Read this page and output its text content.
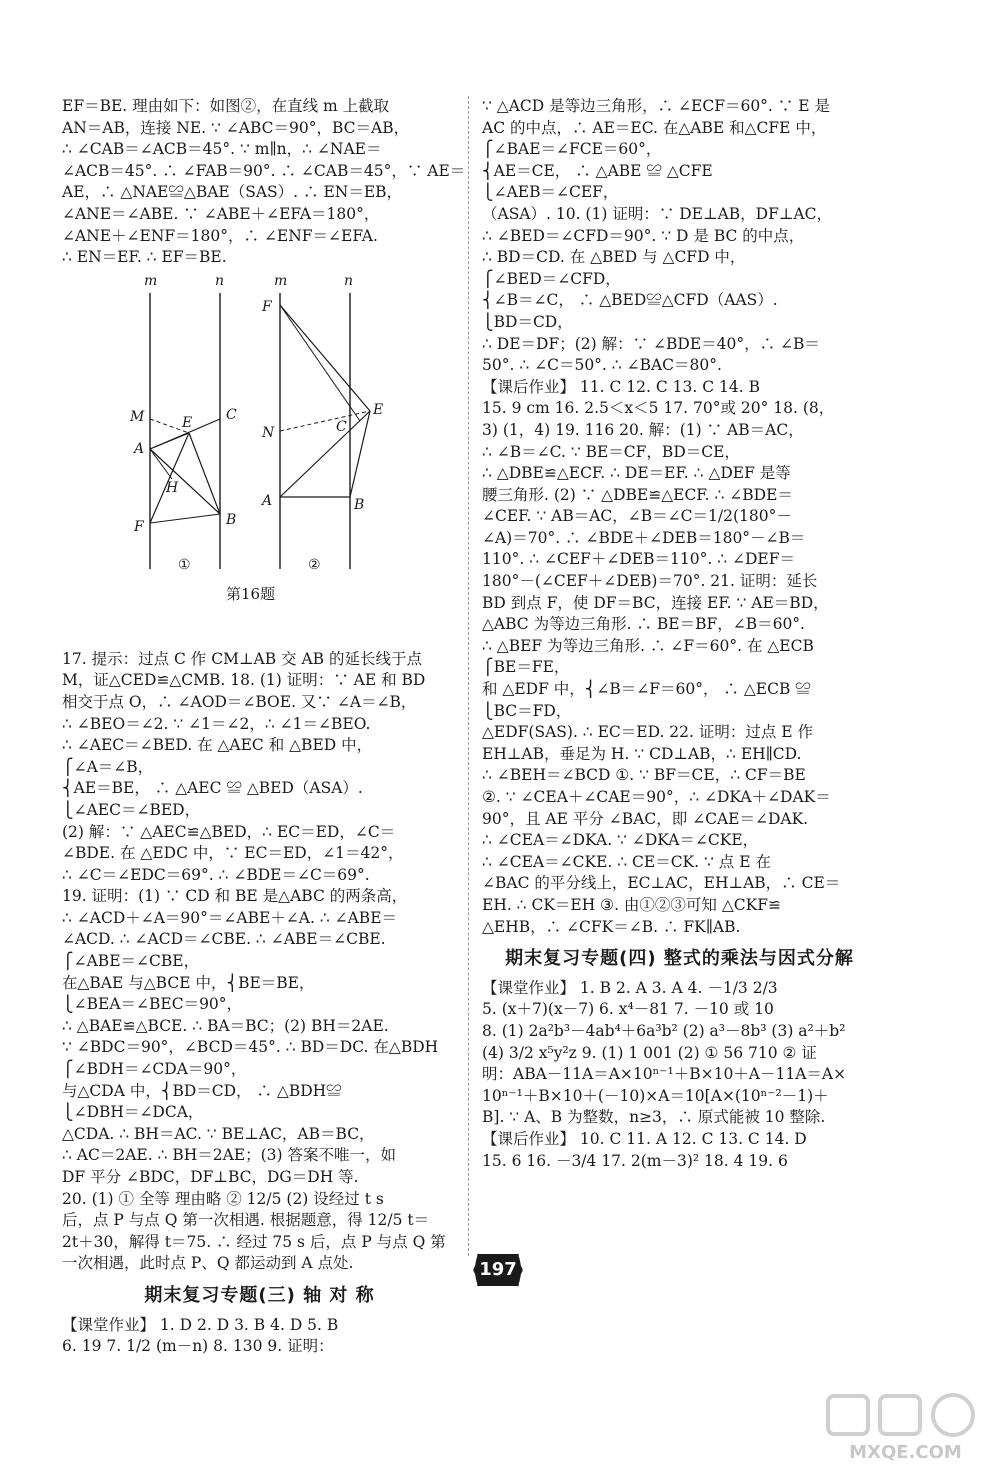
EF＝BE. 理由如下：如图②，在直线 m 上截取
AN＝AB，连接 NE. ∵ ∠ABC＝90°，BC＝AB，
∴ ∠CAB＝∠ACB＝45°. ∵ m∥n，∴ ∠NAE＝
∠ACB＝45°. ∴ ∠FAB＝90°. ∴ ∠CAB＝45°，∵ AE＝
AE，∴ △NAE≌△BAE（SAS）. ∴ EN＝EB，
∠ANE＝∠ABE. ∵ ∠ABE＋∠EFA＝180°，
∠ANE＋∠ENF＝180°，∴ ∠ENF＝∠EFA.
∴ EN＝EF. ∴ EF＝BE.
m	n
M	E C
A
H
F	B
①
m	n
F
E
C
N
A	B
②
第16题
17. 提示：过点 C 作 CM⊥AB 交 AB 的延长线于点
M，证△CED≌△CMB. 18. (1) 证明：∵ AE 和 BD
相交于点 O，∴ ∠AOD＝∠BOE. 又∵ ∠A＝∠B，
∴ ∠BEO＝∠2. ∵ ∠1＝∠2，∴ ∠1＝∠BEO.
∴ ∠AEC＝∠BED. 在 △AEC 和 △BED 中，
⎧∠A＝∠B，
⎨AE＝BE， ∴ △AEC ≌ △BED（ASA）.
⎩∠AEC＝∠BED，
(2) 解：∵ △AEC≌△BED，∴ EC＝ED，∠C＝
∠BDE. 在 △EDC 中，∵ EC＝ED，∠1＝42°，
∴ ∠C＝∠EDC＝69°. ∴ ∠BDE＝∠C＝69°.
19. 证明：(1) ∵ CD 和 BE 是△ABC 的两条高，
∴ ∠ACD＋∠A＝90°＝∠ABE＋∠A. ∴ ∠ABE＝
∠ACD. ∴ ∠ACD＝∠CBE. ∴ ∠ABE＝∠CBE.
⎧∠ABE＝∠CBE，
在△BAE 与△BCE 中，⎨BE＝BE，
⎩∠BEA＝∠BEC＝90°，
∴ △BAE≌△BCE. ∴ BA＝BC；(2) BH＝2AE.
∵ ∠BDC＝90°，∠BCD＝45°. ∴ BD＝DC. 在△BDH
⎧∠BDH＝∠CDA＝90°，
与△CDA 中，⎨BD＝CD， ∴ △BDH≌
⎩∠DBH＝∠DCA，
△CDA. ∴ BH＝AC. ∵ BE⊥AC，AB＝BC，
∴ AC＝2AE. ∴ BH＝2AE；(3) 答案不唯一，如
DF 平分 ∠BDC，DF⊥BC，DG＝DH 等.
20. (1) ① 全等 理由略 ② 12/5 (2) 设经过 t s
后，点 P 与点 Q 第一次相遇. 根据题意，得 12/5 t＝
2t＋30，解得 t＝75. ∴ 经过 75 s 后，点 P 与点 Q 第
一次相遇，此时点 P、Q 都运动到 A 点处.
期末复习专题(三) 轴 对 称
【课堂作业】 1. D 2. D 3. B 4. D 5. B
6. 19 7. 1/2 (m－n) 8. 130 9. 证明：
∵ △ACD 是等边三角形，∴ ∠ECF＝60°. ∵ E 是
AC 的中点，∴ AE＝EC. 在△ABE 和△CFE 中，
⎧∠BAE＝∠FCE＝60°，
⎨AE＝CE， ∴ △ABE ≌ △CFE
⎩∠AEB＝∠CEF，
（ASA）. 10. (1) 证明：∵ DE⊥AB，DF⊥AC，
∴ ∠BED＝∠CFD＝90°. ∵ D 是 BC 的中点，
∴ BD＝CD. 在 △BED 与 △CFD 中，
⎧∠BED＝∠CFD，
⎨∠B＝∠C， ∴ △BED≌△CFD（AAS）.
⎩BD＝CD，
∴ DE＝DF；(2) 解：∵ ∠BDE＝40°，∴ ∠B＝
50°. ∴ ∠C＝50°. ∴ ∠BAC＝80°.
【课后作业】 11. C 12. C 13. C 14. B
15. 9 cm 16. 2.5＜x＜5 17. 70°或 20° 18. (8，
3) (1，4) 19. 116 20. 解：(1) ∵ AB＝AC，
∴ ∠B＝∠C. ∵ BE＝CF，BD＝CE，
∴ △DBE≌△ECF. ∴ DE＝EF. ∴ △DEF 是等
腰三角形. (2) ∵ △DBE≌△ECF. ∴ ∠BDE＝
∠CEF. ∵ AB＝AC，∠B＝∠C＝1/2(180°－
∠A)＝70°. ∴ ∠BDE＋∠DEB＝180°－∠B＝
110°. ∴ ∠CEF＋∠DEB＝110°. ∴ ∠DEF＝
180°－(∠CEF＋∠DEB)＝70°. 21. 证明：延长
BD 到点 F，使 DF＝BC，连接 EF. ∵ AE＝BD，
△ABC 为等边三角形. ∴ BE＝BF，∠B＝60°.
∴ △BEF 为等边三角形. ∴ ∠F＝60°. 在 △ECB
⎧BE＝FE，
和 △EDF 中，⎨∠B＝∠F＝60°， ∴ △ECB ≌
⎩BC＝FD，
△EDF(SAS). ∴ EC＝ED. 22. 证明：过点 E 作
EH⊥AB，垂足为 H. ∵ CD⊥AB，∴ EH∥CD.
∴ ∠BEH＝∠BCD ①. ∵ BF＝CE，∴ CF＝BE
②. ∵ ∠CEA＋∠CAE＝90°，∴ ∠DKA＋∠DAK＝
90°，且 AE 平分 ∠BAC，即 ∠CAE＝∠DAK.
∴ ∠CEA＝∠DKA. ∵ ∠DKA＝∠CKE，
∴ ∠CEA＝∠CKE. ∴ CE＝CK. ∵ 点 E 在
∠BAC 的平分线上，EC⊥AC，EH⊥AB，∴ CE＝
EH. ∴ CK＝EH ③. 由①②③可知 △CKF≌
△EHB，∴ ∠CFK＝∠B. ∴ FK∥AB.
期末复习专题(四) 整式的乘法与因式分解
【课堂作业】 1. B 2. A 3. A 4. －1/3 2/3
5. (x＋7)(x－7) 6. x⁴－81 7. －10 或 10
8. (1) 2a²b³－4ab⁴＋6a³b² (2) a³－8b³ (3) a²＋b²
(4) 3/2 x⁵y²z 9. (1) 1 001 (2) ① 56 710 ② 证
明：ABA－11A＝A×10ⁿ⁻¹＋B×10＋A－11A＝A×
10ⁿ⁻¹＋B×10＋(－10)×A＝10[A×(10ⁿ⁻²－1)＋
B]. ∵ A、B 为整数，n≥3，∴ 原式能被 10 整除.
【课后作业】 10. C 11. A 12. C 13. C 14. D
15. 6 16. －3/4 17. 2(m－3)² 18. 4 19. 6
197
MXQE.COM
